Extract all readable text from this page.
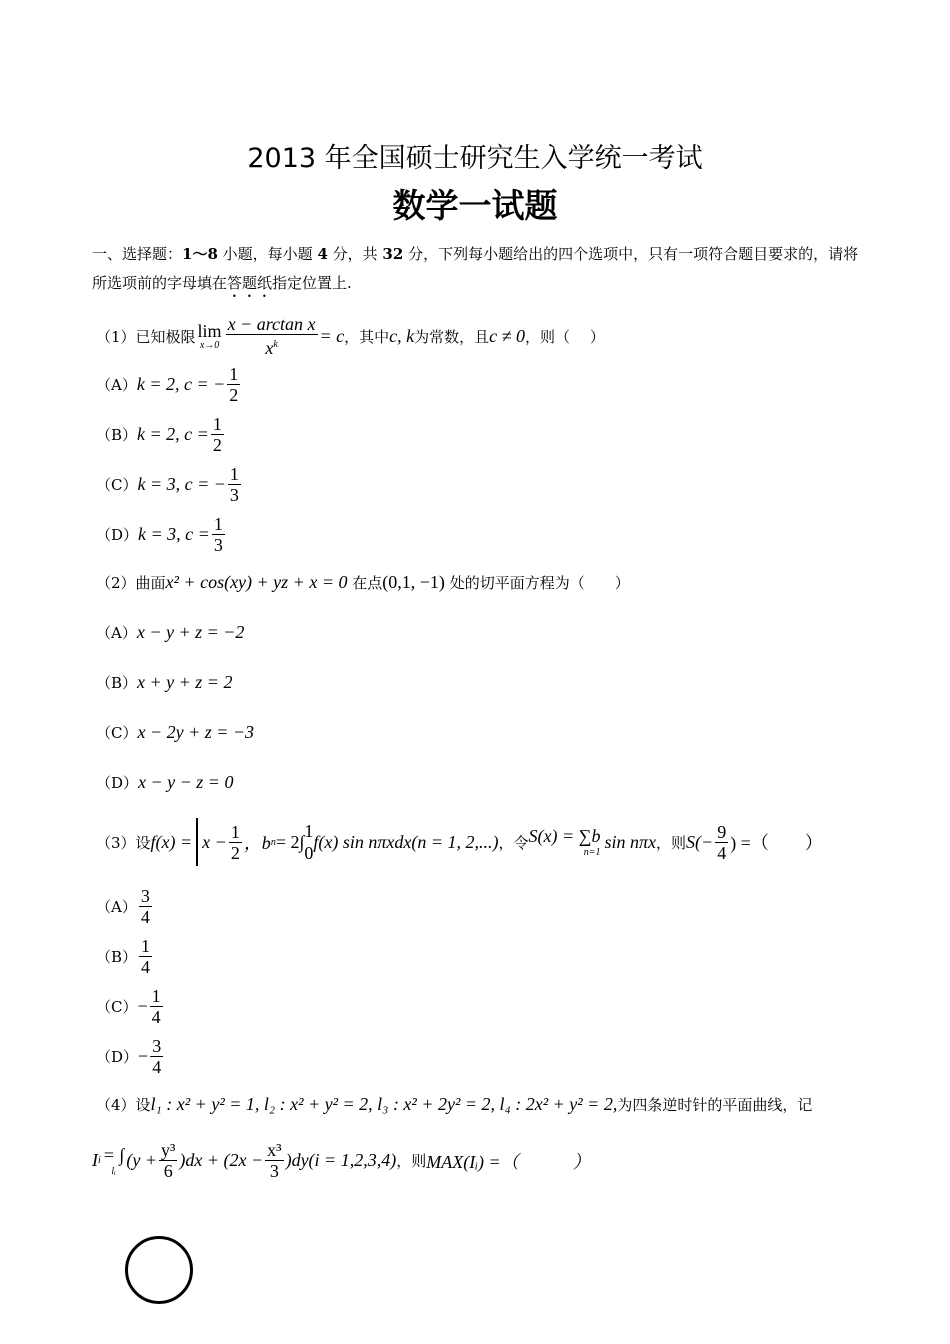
2013 年全国硕士研究生入学统一考试
数学一试题
一、选择题：1～8 小题，每小题 4 分，共 32 分，下列每小题给出的四个选项中，只有一项符合题目要求的，请将所选项前的字母填在答题纸指定位置上.
（1）已知极限 lim
$x\to 0 \frac{\text{x − arctan x}}{x^k} = c$ ，其中 c, k 为常数，且 c ≠ 0 ，则（　 ）
（A） k = 2, c = − $\frac{1}{2}$
（B） k = 2, $c = \frac{1}{2}$
（C） k = 3, c = − $\frac{1}{3}$
（D） k = 3, $c = \frac{1}{3}$
（2）曲面x² + cos(xy) + yz + x = 0 在点(0,1, −1) 处的切平面方程为（　　）
（A） x − y + z = −2
（B） x + y + z = 2
（C） x − 2y + z = −3
（D） x − y − z = 0
（3）设 $f(x) = x - \frac{1}{2}$ ，b n = 2∫
1
0
f(x) sin nπxdx(n = 1, 2,...) ，令 S(x) = ∑b
n=1
sin nπx ，则 $S(- \frac{9}{4}$ ) =（　　）
$(A) \frac{3}{4}$
$(B) \frac{1}{4}$
$(C) - \frac{1}{4}$
$(D) - \frac{3}{4}$
（4）设l₁ : x² + y² = 1, l₂ : x² + y² = 2, l₃ : x² + 2y² = 2, l₄ : 2x² + y² = 2,为四条逆时针的平面曲线，记
I i = ∫
lᵢ
$(y + \frac{\text{y³}}{6} )dx + (2x - \frac{\text{x³}}{3} )dy(i = 1,2,3,4)$ ，则 MAX(Iᵢ) =（　　　）
